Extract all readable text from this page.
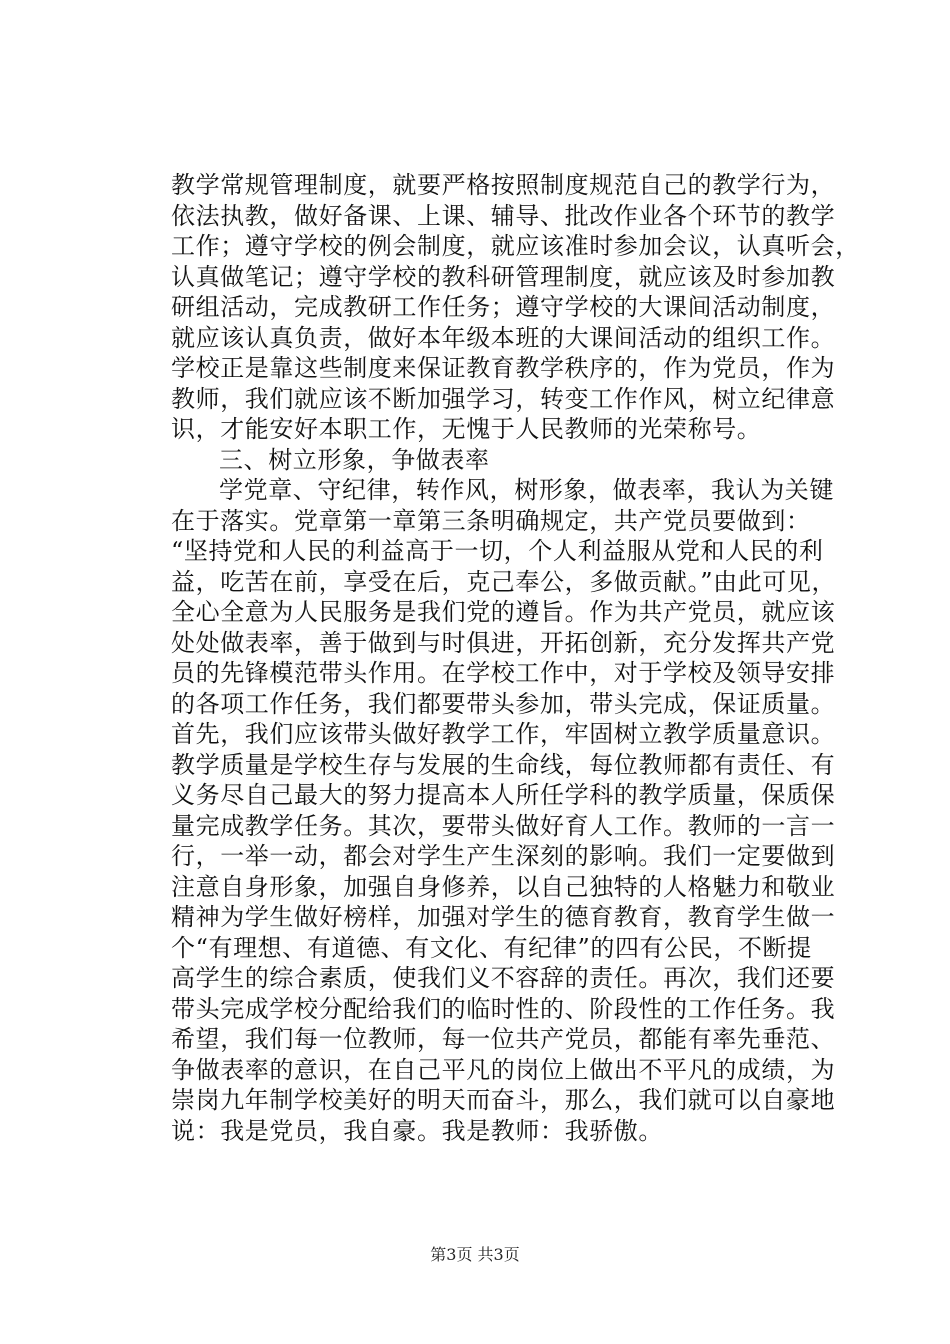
教学常规管理制度，就要严格按照制度规范自己的教学行为，
依法执教，做好备课、上课、辅导、批改作业各个环节的教学
工作；遵守学校的例会制度，就应该准时参加会议，认真听会，
认真做笔记；遵守学校的教科研管理制度，就应该及时参加教
研组活动，完成教研工作任务；遵守学校的大课间活动制度，
就应该认真负责，做好本年级本班的大课间活动的组织工作。
学校正是靠这些制度来保证教育教学秩序的，作为党员，作为
教师，我们就应该不断加强学习，转变工作作风，树立纪律意
识，才能安好本职工作，无愧于人民教师的光荣称号。
三、树立形象，争做表率
学党章、守纪律，转作风，树形象，做表率，我认为关键
在于落实。党章第一章第三条明确规定，共产党员要做到：
“坚持党和人民的利益高于一切，个人利益服从党和人民的利
益，吃苦在前，享受在后，克己奉公，多做贡献。”由此可见，
全心全意为人民服务是我们党的遵旨。作为共产党员，就应该
处处做表率，善于做到与时俱进，开拓创新，充分发挥共产党
员的先锋模范带头作用。在学校工作中，对于学校及领导安排
的各项工作任务，我们都要带头参加，带头完成，保证质量。
首先，我们应该带头做好教学工作，牢固树立教学质量意识。
教学质量是学校生存与发展的生命线，每位教师都有责任、有
义务尽自己最大的努力提高本人所任学科的教学质量，保质保
量完成教学任务。其次，要带头做好育人工作。教师的一言一
行，一举一动，都会对学生产生深刻的影响。我们一定要做到
注意自身形象，加强自身修养，以自己独特的人格魅力和敬业
精神为学生做好榜样，加强对学生的德育教育，教育学生做一
个“有理想、有道德、有文化、有纪律”的四有公民，不断提
高学生的综合素质，使我们义不容辞的责任。再次，我们还要
带头完成学校分配给我们的临时性的、阶段性的工作任务。我
希望，我们每一位教师，每一位共产党员，都能有率先垂范、
争做表率的意识，在自己平凡的岗位上做出不平凡的成绩，为
崇岗九年制学校美好的明天而奋斗，那么，我们就可以自豪地
说：我是党员，我自豪。我是教师：我骄傲。
第3页 共3页
